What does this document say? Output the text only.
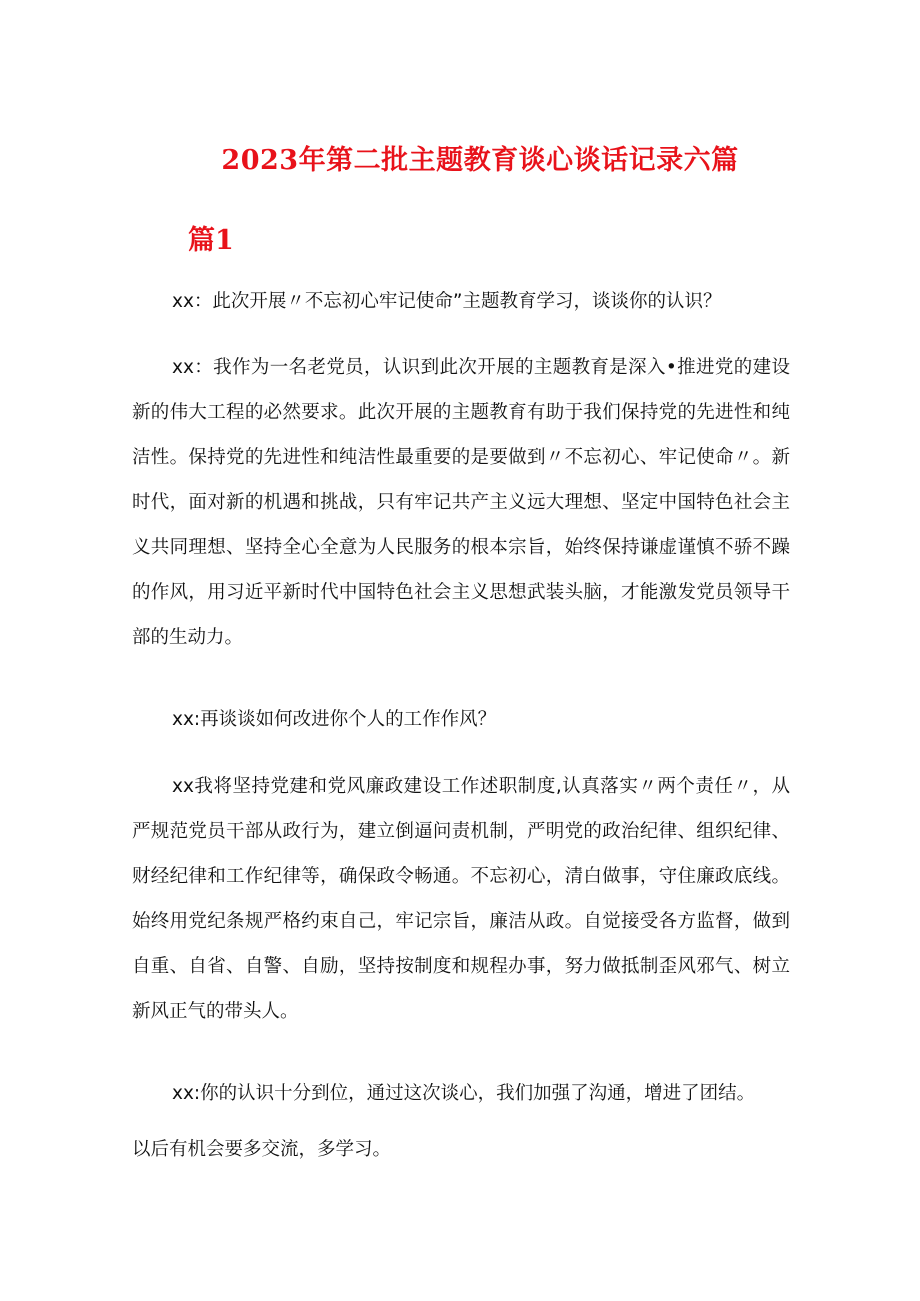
2023年第二批主题教育谈心谈话记录六篇
篇1

xx：此次开展〃不忘初心牢记使命”主题教育学习，谈谈你的认识？

xx：我作为一名老党员，认识到此次开展的主题教育是深入•推进党的建设新的伟大工程的必然要求。此次开展的主题教育有助于我们保持党的先进性和纯洁性。保持党的先进性和纯洁性最重要的是要做到〃不忘初心、牢记使命〃。新时代，面对新的机遇和挑战，只有牢记共产主义远大理想、坚定中国特色社会主义共同理想、坚持全心全意为人民服务的根本宗旨，始终保持谦虚谨慎不骄不躁的作风，用习近平新时代中国特色社会主义思想武装头脑，才能激发党员领导干部的生动力。

xx:再谈谈如何改进你个人的工作作风？

xx我将坚持党建和党风廉政建设工作述职制度,认真落实〃两个责任〃，从严规范党员干部从政行为，建立倒逼问责机制，严明党的政治纪律、组织纪律、财经纪律和工作纪律等，确保政令畅通。不忘初心，清白做事，守住廉政底线。始终用党纪条规严格约束自己，牢记宗旨，廉洁从政。自觉接受各方监督，做到自重、自省、自警、自励，坚持按制度和规程办事，努力做抵制歪风邪气、树立新风正气的带头人。

xx:你的认识十分到位，通过这次谈心，我们加强了沟通，增进了团结。

以后有机会要多交流，多学习。
